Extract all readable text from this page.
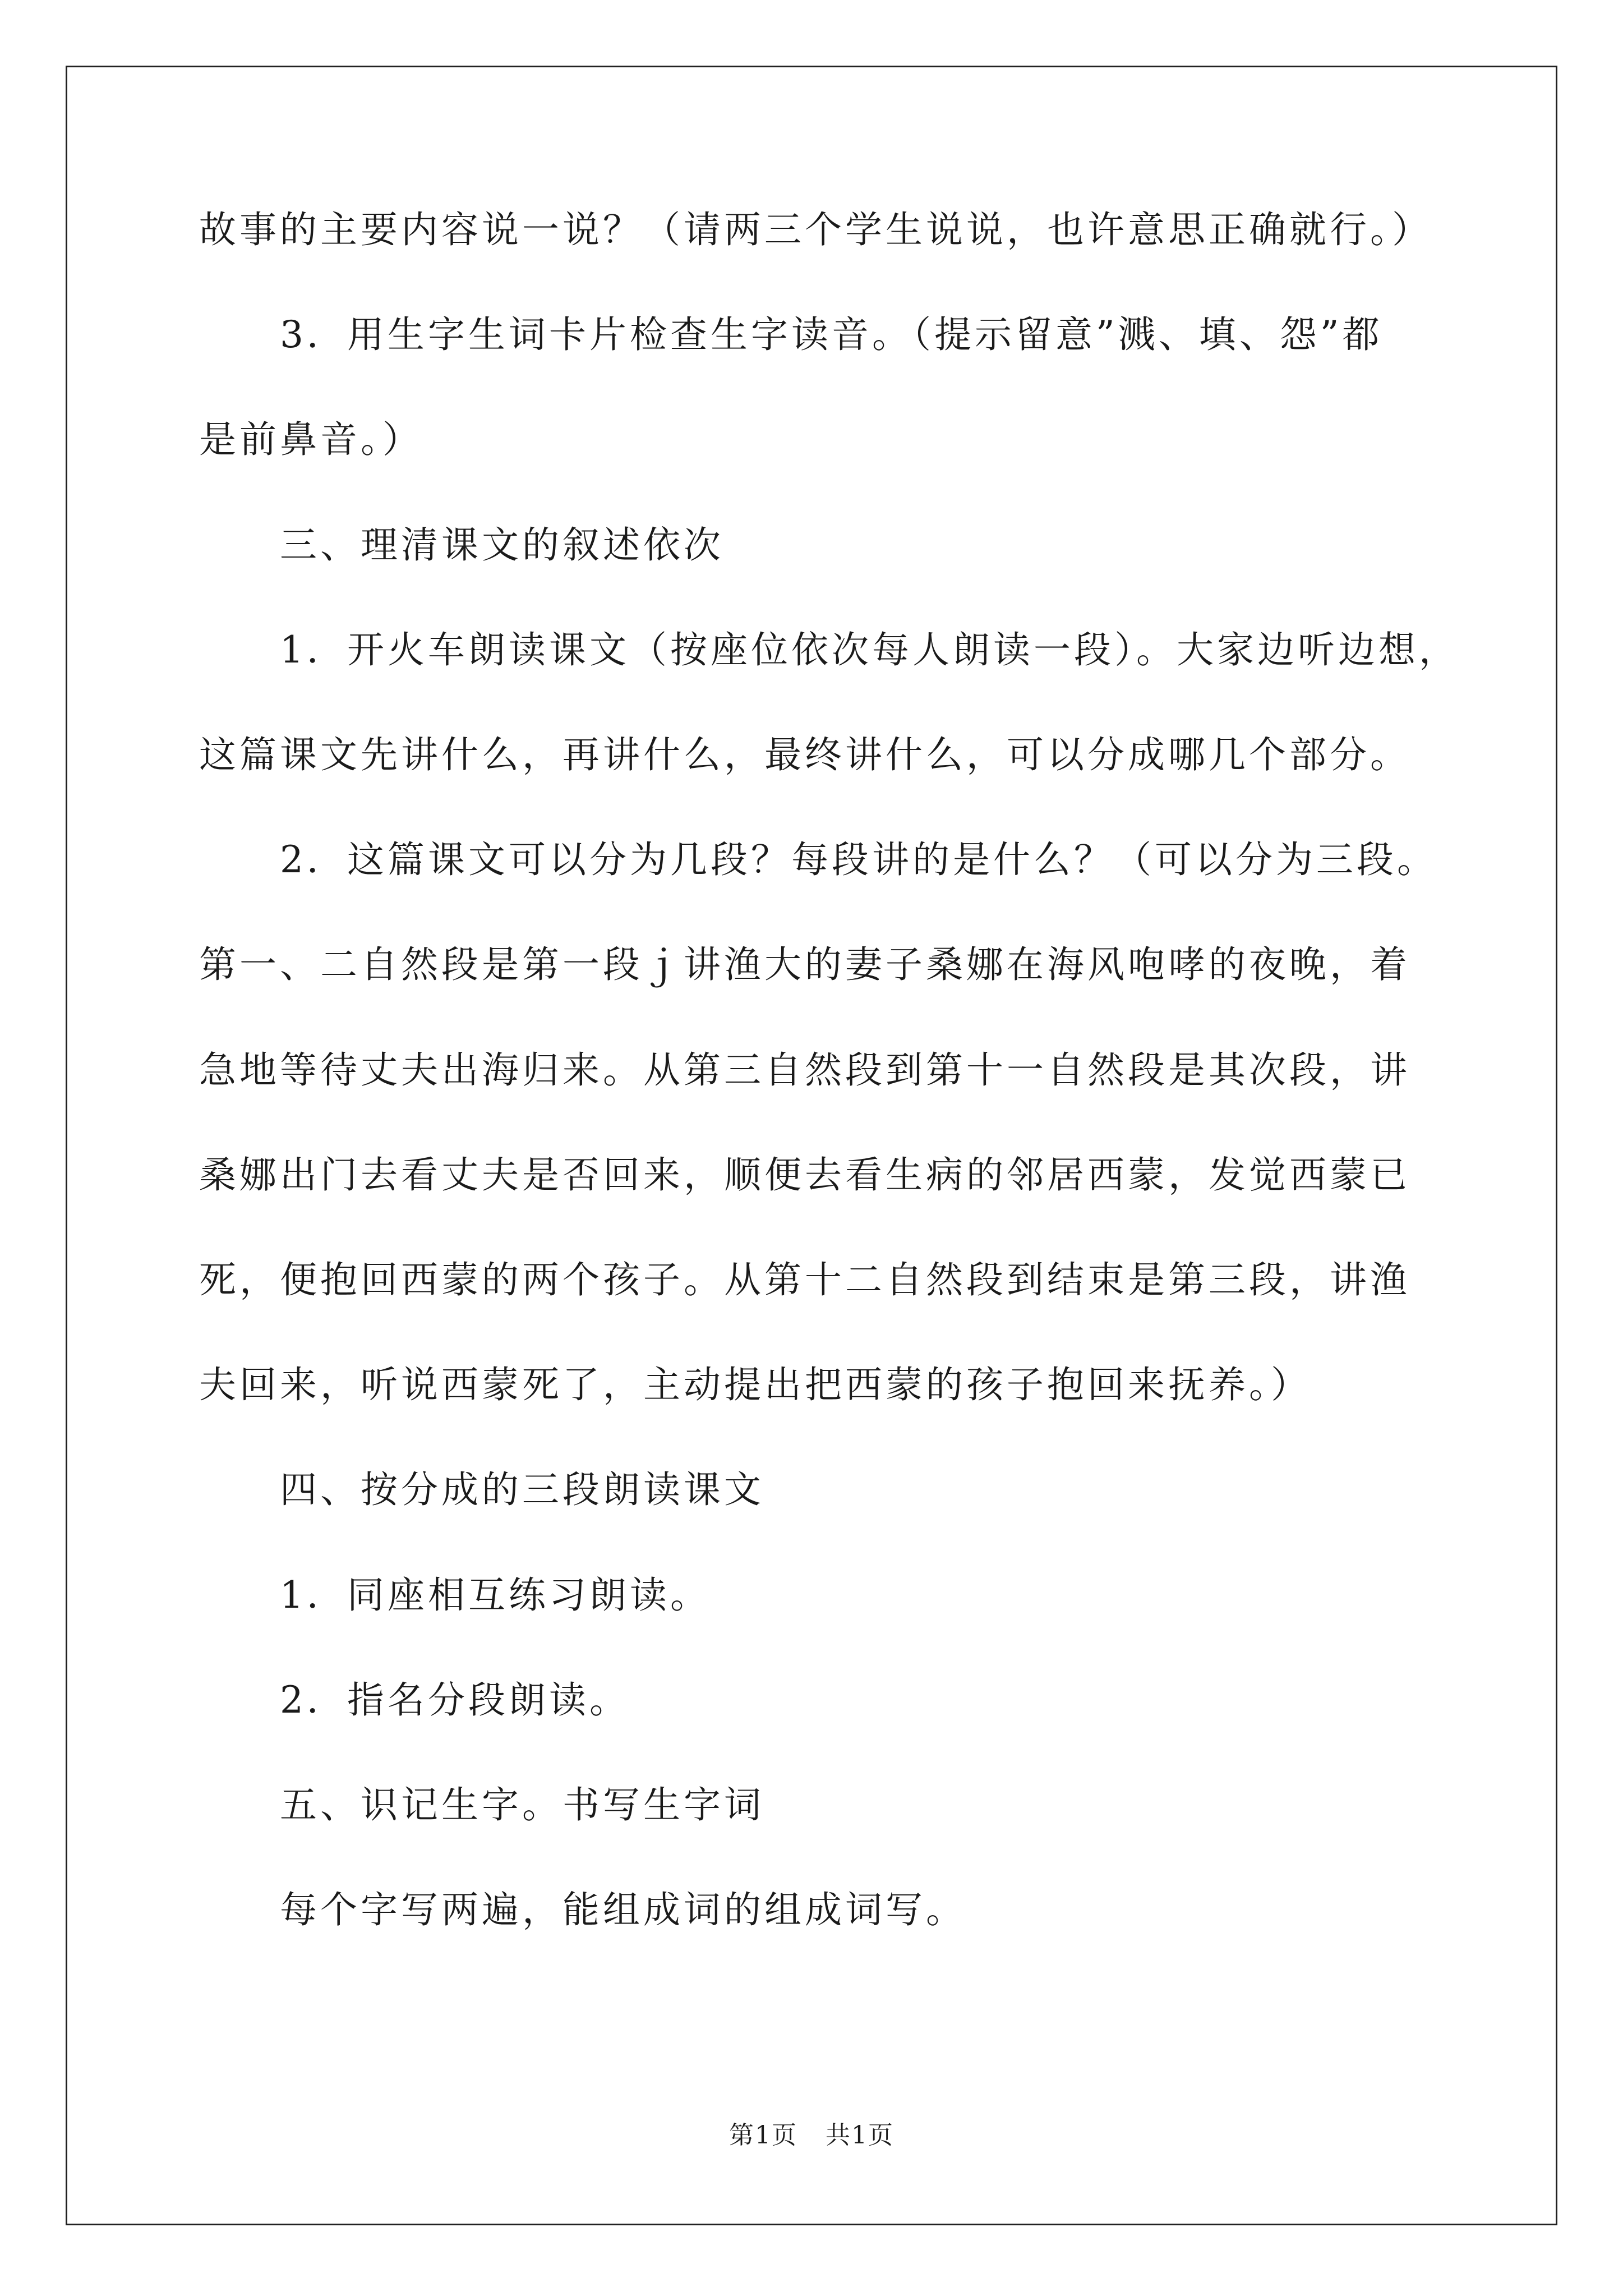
故事的主要内容说一说？（请两三个学生说说，也许意思正确就行。）
3．用生字生词卡片检查生字读音。（提示留意”溅、填、怨”都
是前鼻音。）
三、理清课文的叙述依次
1．开火车朗读课文（按座位依次每人朗读一段）。大家边听边想，
这篇课文先讲什么，再讲什么，最终讲什么，可以分成哪几个部分。
2．这篇课文可以分为几段？每段讲的是什么？（可以分为三段。
第一、二自然段是第一段ｊ讲渔大的妻子桑娜在海风咆哮的夜晚，着
急地等待丈夫出海归来。从第三自然段到第十一自然段是其次段，讲
桑娜出门去看丈夫是否回来，顺便去看生病的邻居西蒙，发觉西蒙已
死，便抱回西蒙的两个孩子。从第十二自然段到结束是第三段，讲渔
夫回来，听说西蒙死了，主动提出把西蒙的孩子抱回来抚养。）
四、按分成的三段朗读课文
1．同座相互练习朗读。
2．指名分段朗读。
五、识记生字。书写生字词
每个字写两遍，能组成词的组成词写。
第1页 共1页
